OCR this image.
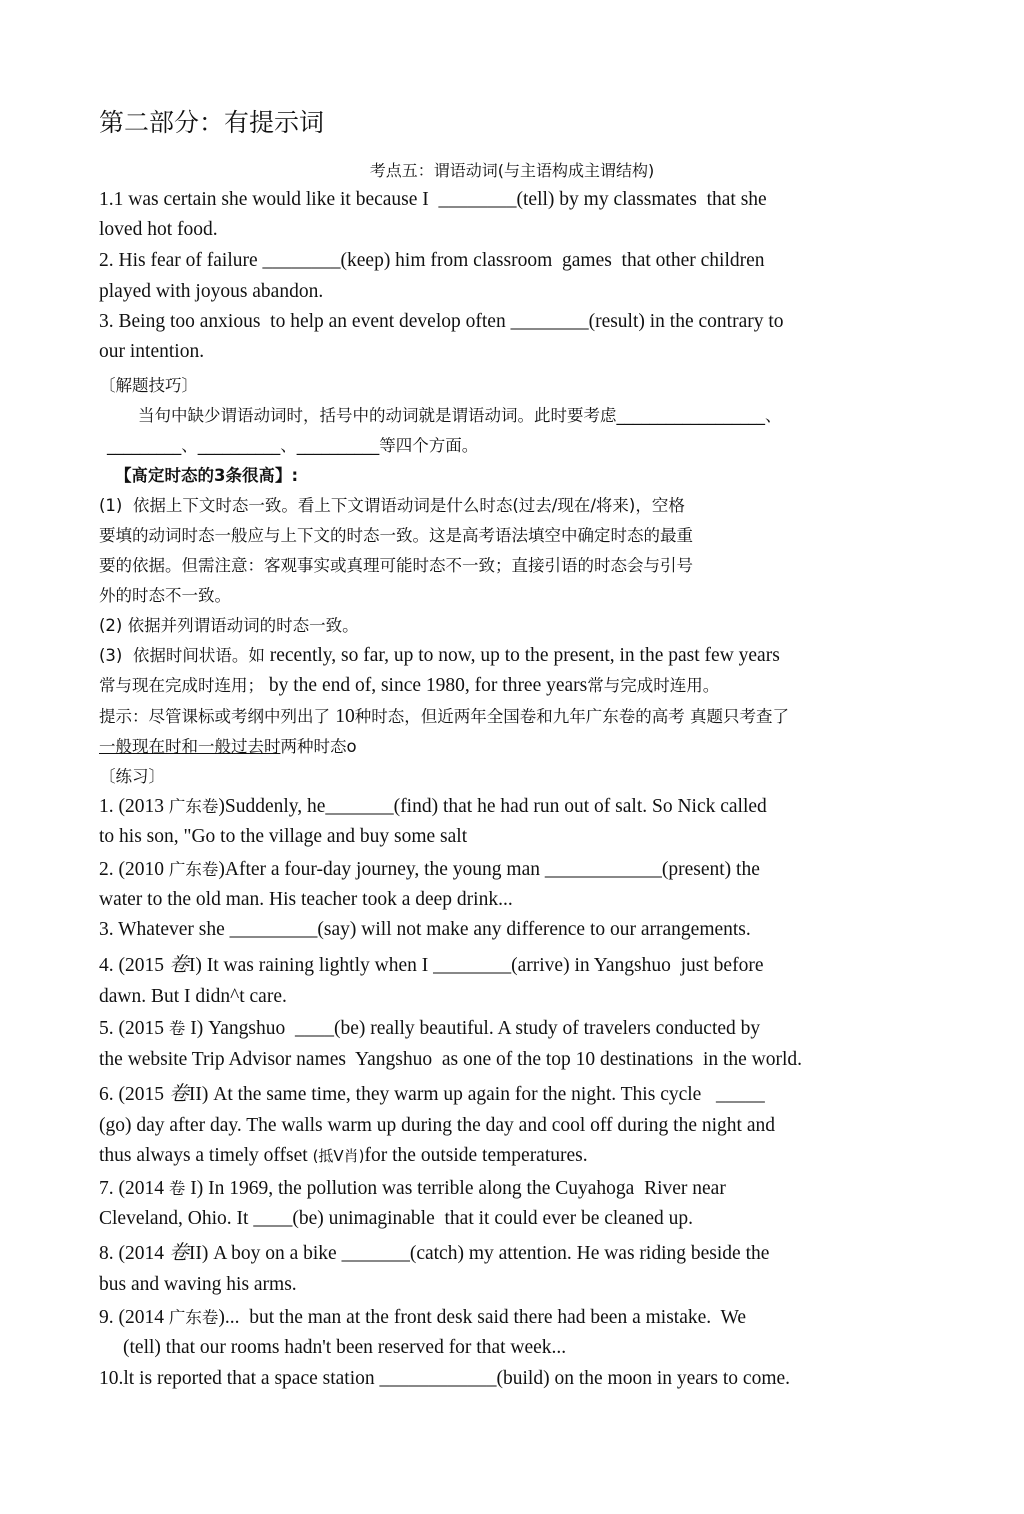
第二部分：有提示词
考点五：谓语动词(与主语构成主谓结构)
1.1 was certain she would like it because I  ________(tell) by my classmates  that she
loved hot food.
2. His fear of failure ________(keep) him from classroom  games  that other children
played with joyous abandon.
3. Being too anxious  to help an event develop often ________(result) in the contrary to
our intention.
〔解题技巧〕
当句中缺少谓语动词时，括号中的动词就是谓语动词。此时要考虑__________________、
_________、__________、__________等四个方面。
【髙定时态的3条很髙】:
(1)  依据上下文时态一致。看上下文谓语动词是什么时态(过去/现在/将来)，空格
要填的动词时态一般应与上下文的时态一致。这是高考语法填空中确定时态的最重
要的依据。但需注意：客观事实或真理可能时态不一致；直接引语的时态会与引号
外的时态不一致。
(2) 依据并列谓语动词的时态一致。
(3)  依据时间状语。如 recently, so far, up to now, up to the present, in the past few years
常与现在完成时连用； by the end of, since 1980, for three years常与完成时连用。
提示：尽管课标或考纲中列出了 10种时态，但近两年全国卷和九年广东卷的高考 真题只考查了
一般现在时和一般过去时两种时态o
〔练习〕
1. (2013 广东卷)Suddenly, he_______(find) that he had run out of salt. So Nick called
to his son, "Go to the village and buy some salt
2. (2010 广东卷)After a four-day journey, the young man ____________(present) the
water to the old man. His teacher took a deep drink...
3. Whatever she _________(say) will not make any difference to our arrangements.
4. (2015 卷I) It was raining lightly when I ________(arrive) in Yangshuo  just before
dawn. But I didn^t care.
5. (2015 卷 I) Yangshuo  ____(be) really beautiful. A study of travelers conducted by
the website Trip Advisor names  Yangshuo  as one of the top 10 destinations  in the world.
6. (2015 卷II) At the same time, they warm up again for the night. This cycle   _____
(go) day after day. The walls warm up during the day and cool off during the night and
thus always a timely offset (抵V肖)for the outside temperatures.
7. (2014 卷 I) In 1969, the pollution was terrible along the Cuyahoga  River near
Cleveland, Ohio. It ____(be) unimaginable  that it could ever be cleaned up.
8. (2014 卷II) A boy on a bike _______(catch) my attention. He was riding beside the
bus and waving his arms.
9. (2014 广东卷)...  but the man at the front desk said there had been a mistake.  We
(tell) that our rooms hadn't been reserved for that week...
10.lt is reported that a space station ____________(build) on the moon in years to come.
